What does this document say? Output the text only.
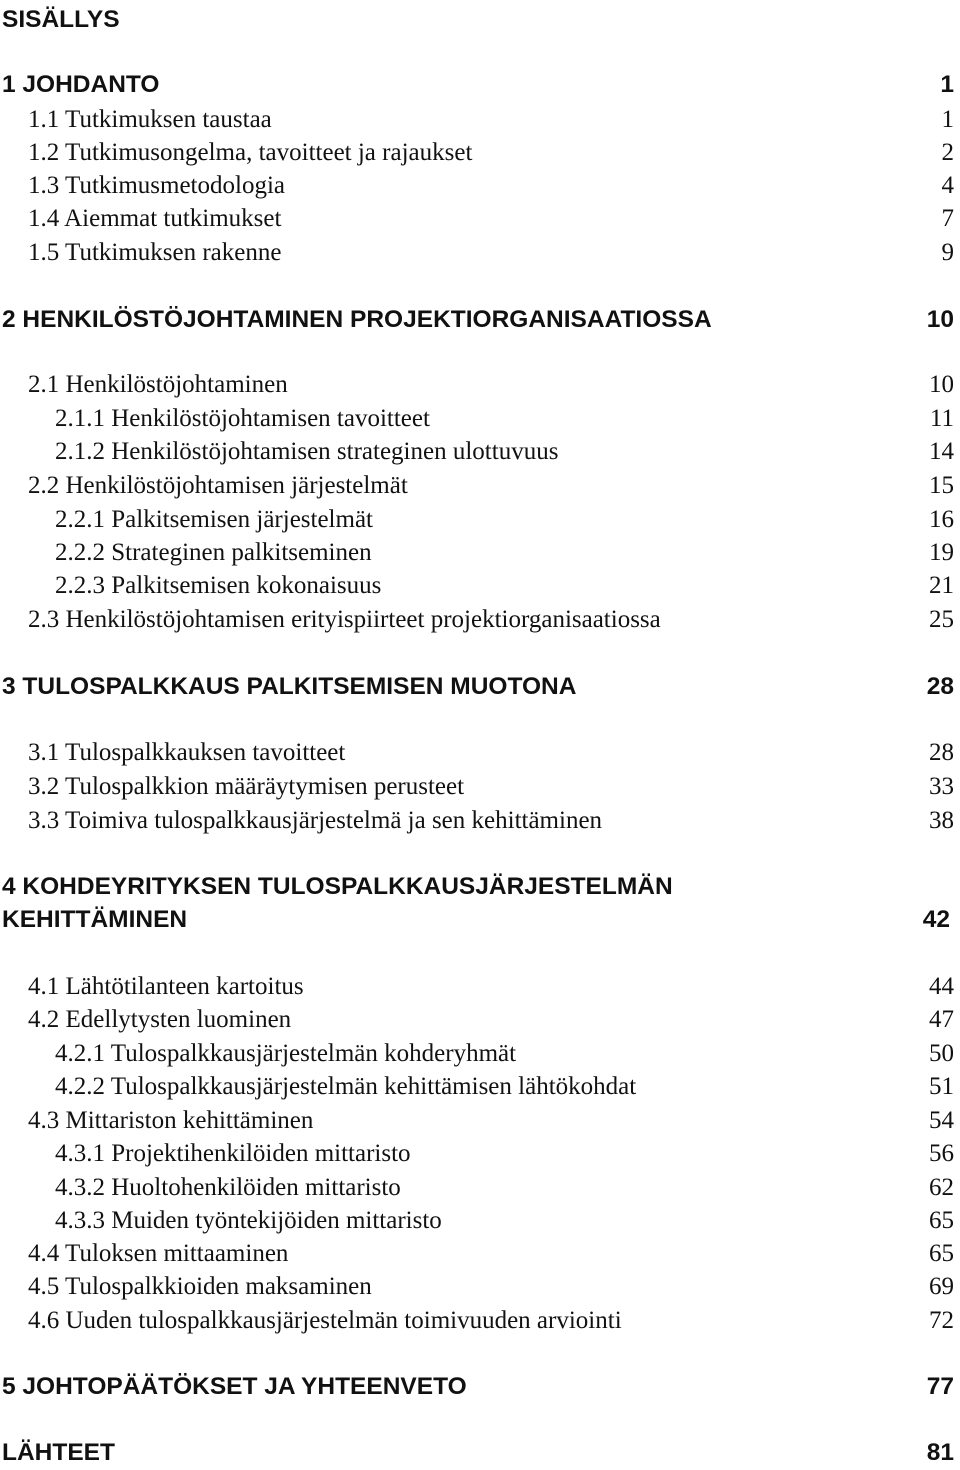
SISÄLLYS
1 JOHDANTO	1
1.1 Tutkimuksen taustaa	1
1.2 Tutkimusongelma, tavoitteet ja rajaukset	2
1.3 Tutkimusmetodologia	4
1.4 Aiemmat tutkimukset	7
1.5 Tutkimuksen rakenne	9
2 HENKILÖSTÖJOHTAMINEN PROJEKTIORGANISAATIOSSA	10
2.1 Henkilöstöjohtaminen	10
2.1.1 Henkilöstöjohtamisen tavoitteet	11
2.1.2 Henkilöstöjohtamisen strateginen ulottuvuus	14
2.2 Henkilöstöjohtamisen järjestelmät	15
2.2.1 Palkitsemisen järjestelmät	16
2.2.2 Strateginen palkitseminen	19
2.2.3 Palkitsemisen kokonaisuus	21
2.3 Henkilöstöjohtamisen erityispiirteet projektiorganisaatiossa	25
3 TULOSPALKKAUS PALKITSEMISEN MUOTONA	28
3.1 Tulospalkkauksen tavoitteet	28
3.2 Tulospalkkion määräytymisen perusteet	33
3.3 Toimiva tulospalkkausjärjestelmä ja sen kehittäminen	38
4 KOHDEYRITYKSEN TULOSPALKKAUSJÄRJESTELMÄN
KEHITTÄMINEN	42
4.1 Lähtötilanteen kartoitus	44
4.2 Edellytysten luominen	47
4.2.1 Tulospalkkausjärjestelmän kohderyhmät	50
4.2.2 Tulospalkkausjärjestelmän kehittämisen lähtökohdat	51
4.3 Mittariston kehittäminen	54
4.3.1 Projektihenkilöiden mittaristo	56
4.3.2 Huoltohenkilöiden mittaristo	62
4.3.3 Muiden työntekijöiden mittaristo	65
4.4 Tuloksen mittaaminen	65
4.5 Tulospalkkioiden maksaminen	69
4.6 Uuden tulospalkkausjärjestelmän toimivuuden arviointi	72
5 JOHTOPÄÄTÖKSET JA YHTEENVETO	77
LÄHTEET	81
